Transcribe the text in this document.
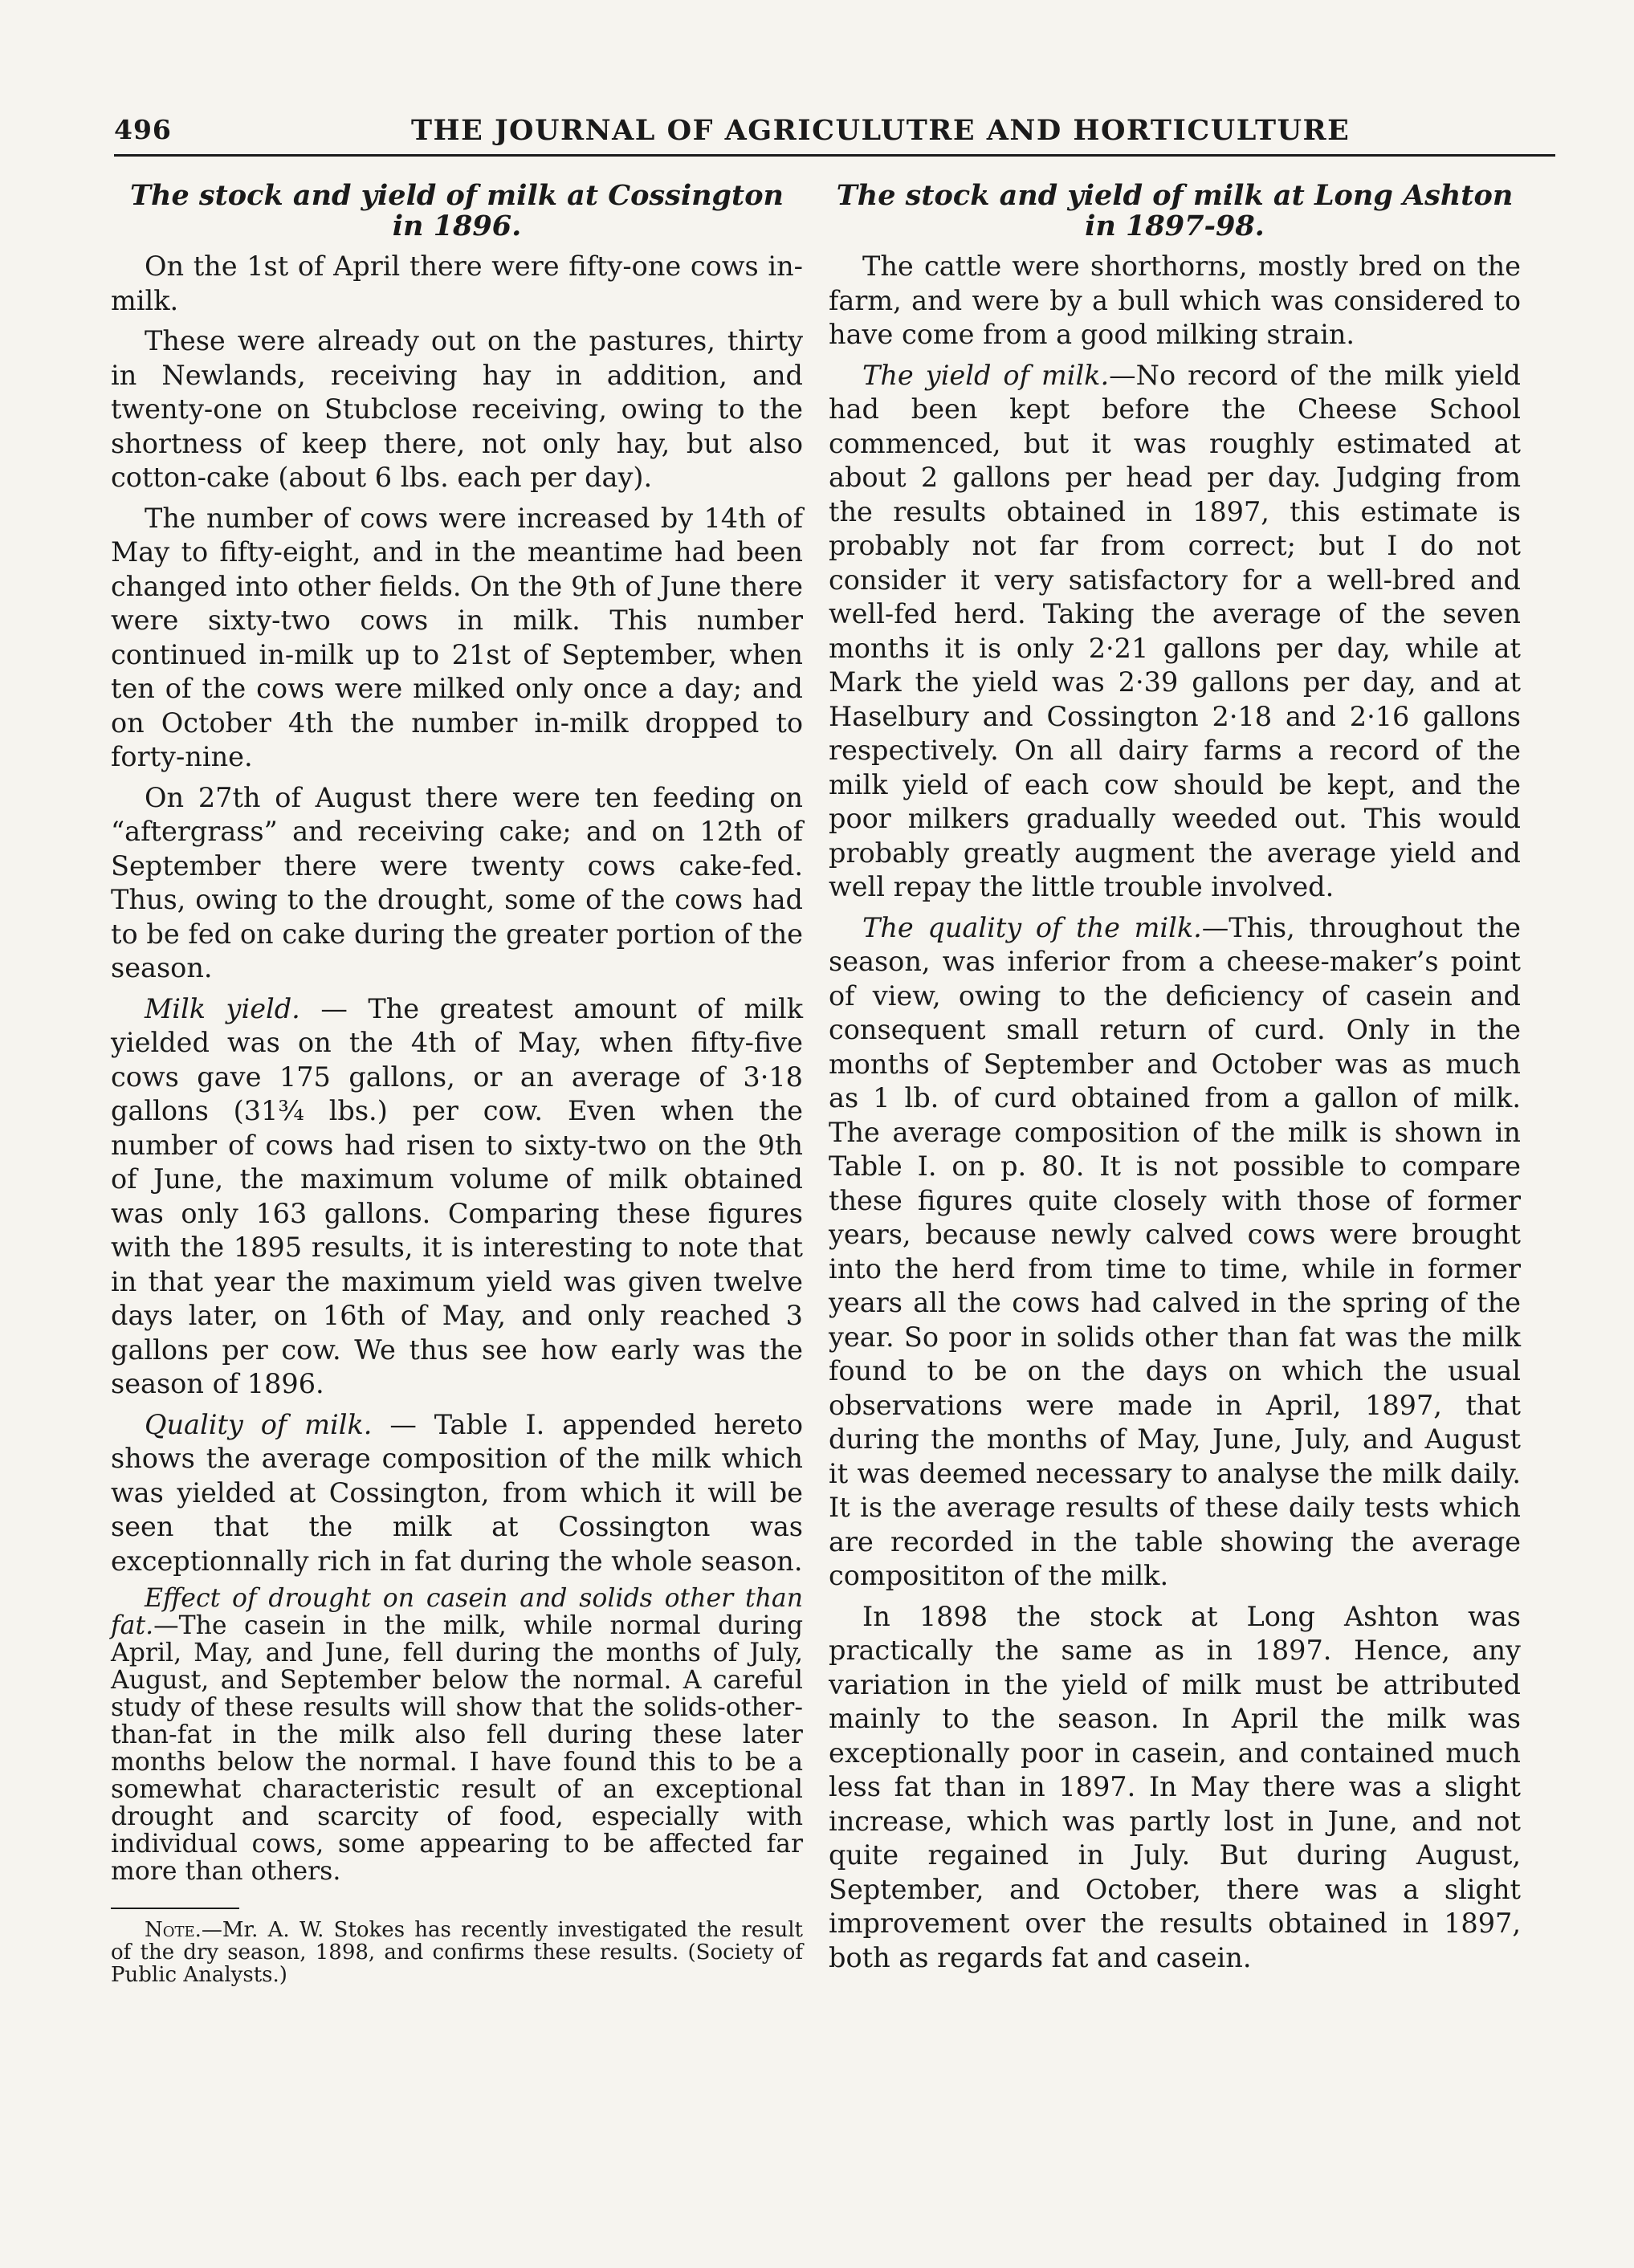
496	THE JOURNAL OF AGRICULUTRE AND HORTICULTURE
The stock and yield of milk at Cossington
in 1896.

On the 1st of April there were fifty-one cows in-milk.

These were already out on the pastures, thirty in Newlands, receiving hay in addition, and twenty-one on Stubclose receiving, owing to the shortness of keep there, not only hay, but also cotton-cake (about 6 lbs. each per day).

The number of cows were increased by 14th of May to fifty-eight, and in the meantime had been changed into other fields. On the 9th of June there were sixty-two cows in milk. This number continued in-milk up to 21st of September, when ten of the cows were milked only once a day; and on October 4th the number in-milk dropped to forty-nine.

On 27th of August there were ten feeding on “aftergrass” and receiving cake; and on 12th of September there were twenty cows cake-fed. Thus, owing to the drought, some of the cows had to be fed on cake during the greater portion of the season.

Milk yield. — The greatest amount of milk yielded was on the 4th of May, when fifty-five cows gave 175 gallons, or an average of 3·18 gallons (31¾ lbs.) per cow. Even when the number of cows had risen to sixty-two on the 9th of June, the maximum volume of milk obtained was only 163 gallons. Comparing these figures with the 1895 results, it is interesting to note that in that year the maximum yield was given twelve days later, on 16th of May, and only reached 3 gallons per cow. We thus see how early was the season of 1896.

Quality of milk. — Table I. appended hereto shows the average composition of the milk which was yielded at Cossington, from which it will be seen that the milk at Cossington was exceptionnally rich in fat during the whole season.

Effect of drought on casein and solids other than fat.—The casein in the milk, while normal during April, May, and June, fell during the months of July, August, and September below the normal. A careful study of these results will show that the solids-other-than-fat in the milk also fell during these later months below the normal. I have found this to be a somewhat characteristic result of an exceptional drought and scarcity of food, especially with individual cows, some appearing to be affected far more than others.

Note.—Mr. A. W. Stokes has recently investigated the result of the dry season, 1898, and confirms these results. (Society of Public Analysts.)

The stock and yield of milk at Long Ashton
in 1897-98.

The cattle were shorthorns, mostly bred on the farm, and were by a bull which was considered to have come from a good milking strain.

The yield of milk.—No record of the milk yield had been kept before the Cheese School commenced, but it was roughly estimated at about 2 gallons per head per day. Judging from the results obtained in 1897, this estimate is probably not far from correct; but I do not consider it very satisfactory for a well-bred and well-fed herd. Taking the average of the seven months it is only 2·21 gallons per day, while at Mark the yield was 2·39 gallons per day, and at Haselbury and Cossington 2·18 and 2·16 gallons respectively. On all dairy farms a record of the milk yield of each cow should be kept, and the poor milkers gradually weeded out. This would probably greatly augment the average yield and well repay the little trouble involved.

The quality of the milk.—This, throughout the season, was inferior from a cheese-maker’s point of view, owing to the deficiency of casein and consequent small return of curd. Only in the months of September and October was as much as 1 lb. of curd obtained from a gallon of milk. The average composition of the milk is shown in Table I. on p. 80. It is not possible to compare these figures quite closely with those of former years, because newly calved cows were brought into the herd from time to time, while in former years all the cows had calved in the spring of the year. So poor in solids other than fat was the milk found to be on the days on which the usual observations were made in April, 1897, that during the months of May, June, July, and August it was deemed necessary to analyse the milk daily. It is the average results of these daily tests which are recorded in the table showing the average composititon of the milk.

In 1898 the stock at Long Ashton was practically the same as in 1897. Hence, any variation in the yield of milk must be attributed mainly to the season. In April the milk was exceptionally poor in casein, and contained much less fat than in 1897. In May there was a slight increase, which was partly lost in June, and not quite regained in July. But during August, September, and October, there was a slight improvement over the results obtained in 1897, both as regards fat and casein.
